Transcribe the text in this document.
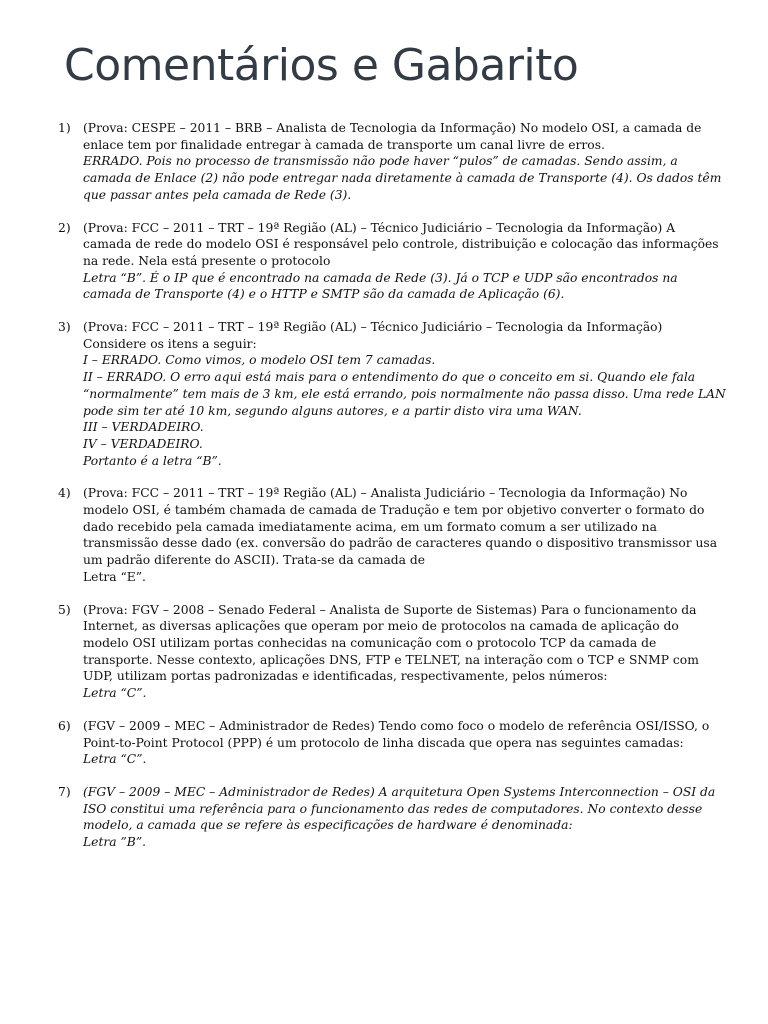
Comentários e Gabarito
1) (Prova: CESPE – 2011 – BRB – Analista de Tecnologia da Informação) No modelo OSI, a camada de enlace tem por finalidade entregar à camada de transporte um canal livre de erros.
ERRADO. Pois no processo de transmissão não pode haver “pulos” de camadas. Sendo assim, a camada de Enlace (2) não pode entregar nada diretamente à camada de Transporte (4). Os dados têm que passar antes pela camada de Rede (3).
2) (Prova: FCC – 2011 – TRT – 19ª Região (AL) – Técnico Judiciário – Tecnologia da Informação) A camada de rede do modelo OSI é responsável pelo controle, distribuição e colocação das informações na rede. Nela está presente o protocolo
Letra “B”. É o IP que é encontrado na camada de Rede (3). Já o TCP e UDP são encontrados na camada de Transporte (4) e o HTTP e SMTP são da camada de Aplicação (6).
3) (Prova: FCC – 2011 – TRT – 19ª Região (AL) – Técnico Judiciário – Tecnologia da Informação) Considere os itens a seguir:
I – ERRADO. Como vimos, o modelo OSI tem 7 camadas.
II – ERRADO. O erro aqui está mais para o entendimento do que o conceito em si. Quando ele fala “normalmente” tem mais de 3 km, ele está errando, pois normalmente não passa disso. Uma rede LAN pode sim ter até 10 km, segundo alguns autores, e a partir disto vira uma WAN.
III – VERDADEIRO.
IV – VERDADEIRO.
Portanto é a letra “B”.
4) (Prova: FCC – 2011 – TRT – 19ª Região (AL) – Analista Judiciário – Tecnologia da Informação) No modelo OSI, é também chamada de camada de Tradução e tem por objetivo converter o formato do dado recebido pela camada imediatamente acima, em um formato comum a ser utilizado na transmissão desse dado (ex. conversão do padrão de caracteres quando o dispositivo transmissor usa um padrão diferente do ASCII). Trata-se da camada de
Letra “E”.
5) (Prova: FGV – 2008 – Senado Federal – Analista de Suporte de Sistemas) Para o funcionamento da Internet, as diversas aplicações que operam por meio de protocolos na camada de aplicação do modelo OSI utilizam portas conhecidas na comunicação com o protocolo TCP da camada de transporte. Nesse contexto, aplicações DNS, FTP e TELNET, na interação com o TCP e SNMP com UDP, utilizam portas padronizadas e identificadas, respectivamente, pelos números:
Letra “C”.
6) (FGV – 2009 – MEC – Administrador de Redes) Tendo como foco o modelo de referência OSI/ISSO, o Point-to-Point Protocol (PPP) é um protocolo de linha discada que opera nas seguintes camadas:
Letra “C”.
7) (FGV – 2009 – MEC – Administrador de Redes) A arquitetura Open Systems Interconnection – OSI da ISO constitui uma referência para o funcionamento das redes de computadores. No contexto desse modelo, a camada que se refere às especificações de hardware é denominada:
Letra ”B”.
